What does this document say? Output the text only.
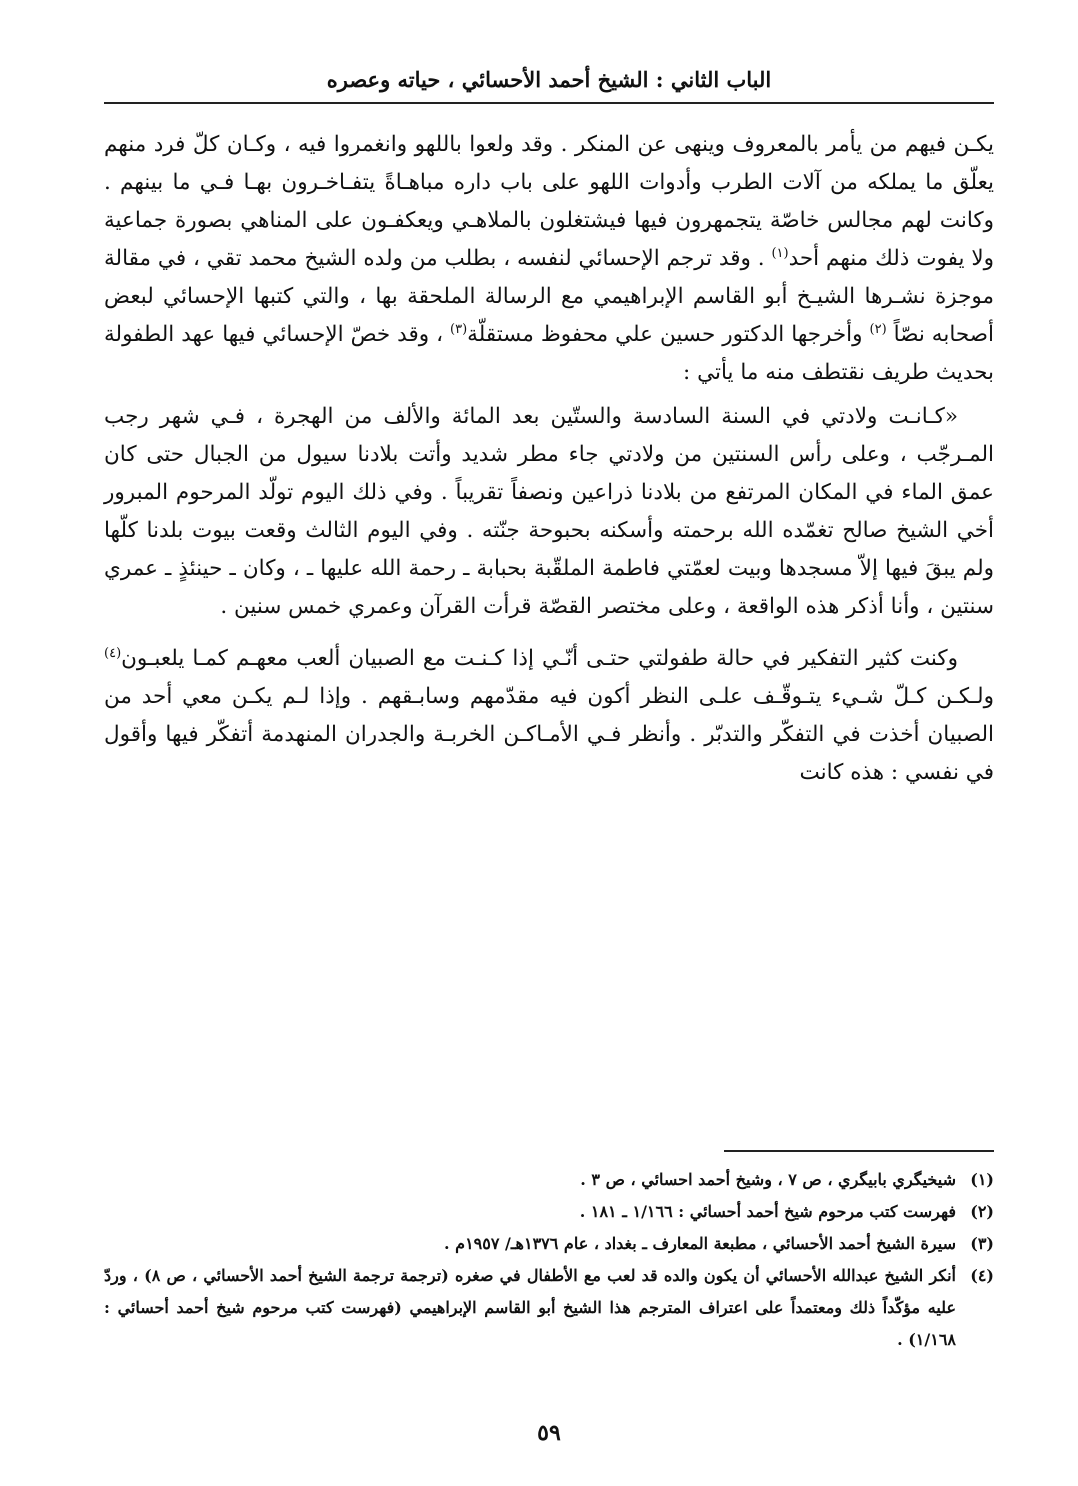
الباب الثاني : الشيخ أحمد الأحسائي ، حياته وعصره

يكـن فيهم من يأمر بالمعروف وينهى عن المنكر . وقد ولعوا باللهو وانغمروا فيه ، وكـان كلّ فرد منهم يعلّق ما يملكه من آلات الطرب وأدوات اللهو على باب داره مباهـاةً يتفـاخـرون بهـا فـي ما بينهم . وكانت لهم مجالس خاصّة يتجمهرون فيها فيشتغلون بالملاهـي ويعكفـون على المناهي بصورة جماعية ولا يفوت ذلك منهم أحد$^{(١)}$ . وقد ترجم الإحسائي لنفسه ، بطلب من ولده الشيخ محمد تقي ، في مقالة موجزة نشـرها الشيـخ أبو القاسم الإبراهيمي مع الرسالة الملحقة بها ، والتي كتبها الإحسائي لبعض أصحابه نصّاً $^{(٢)}$ وأخرجها الدكتور حسين علي محفوظ مستقلّة$^{(٣)}$ ، وقد خصّ الإحسائي فيها عهد الطفولة بحديث طريف نقتطف منه ما يأتي :

«كـانـت ولادتي في السنة السادسة والستّين بعد المائة والألف من الهجرة ، فـي شهر رجب المـرجّب ، وعلى رأس السنتين من ولادتي جاء مطر شديد وأتت بلادنا سيول من الجبال حتى كان عمق الماء في المكان المرتفع من بلادنا ذراعين ونصفاً تقريباً . وفي ذلك اليوم تولّد المرحوم المبرور أخي الشيخ صالح تغمّده الله برحمته وأسكنه بحبوحة جنّته . وفي اليوم الثالث وقعت بيوت بلدنا كلّها ولم يبقَ فيها إلاّ مسجدها وبيت لعمّتي فاطمة الملقّبة بحبابة ـ رحمة الله عليها ـ ، وكان ـ حينئذٍ ـ عمري سنتين ، وأنا أذكر هذه الواقعة ، وعلى مختصر القصّة قرأت القرآن وعمري خمس سنين .

وكنت كثير التفكير في حالة طفولتي حتـى أنّـي إذا كـنـت مع الصبيان ألعب معهـم كمـا يلعبـون$^{(٤)}$ ولـكـن كـلّ شـيء يتـوقّـف علـى النظر أكون فيه مقدّمهم وسابـقهم . وإذا لـم يكـن معي أحد من الصبيان أخذت في التفكّر والتدبّر . وأنظر فـي الأمـاكـن الخربـة والجدران المنهدمة أتفكّر فيها وأقول في نفسي : هذه كانت

(١)
شيخيگري بابيگري ، ص ٧ ، وشيخ أحمد احسائي ، ص ٣ .
(٢)
فهرست كتب مرحوم شيخ أحمد أحسائي : ١/١٦٦ ـ ١٨١ .
(٣)
سيرة الشيخ أحمد الأحسائي ، مطبعة المعارف ـ بغداد ، عام ١٣٧٦هـ/ ١٩٥٧م .
(٤)
أنكر الشيخ عبدالله الأحسائي أن يكون والده قد لعب مع الأطفال في صغره (ترجمة ترجمة الشيخ أحمد الأحسائي ، ص ٨) ، وردّ عليه مؤكّداً ذلك ومعتمداً على اعتراف المترجم هذا الشيخ أبو القاسم الإبراهيمي (فهرست كتب مرحوم شيخ أحمد أحسائي : ١/١٦٨) .
٥٩
